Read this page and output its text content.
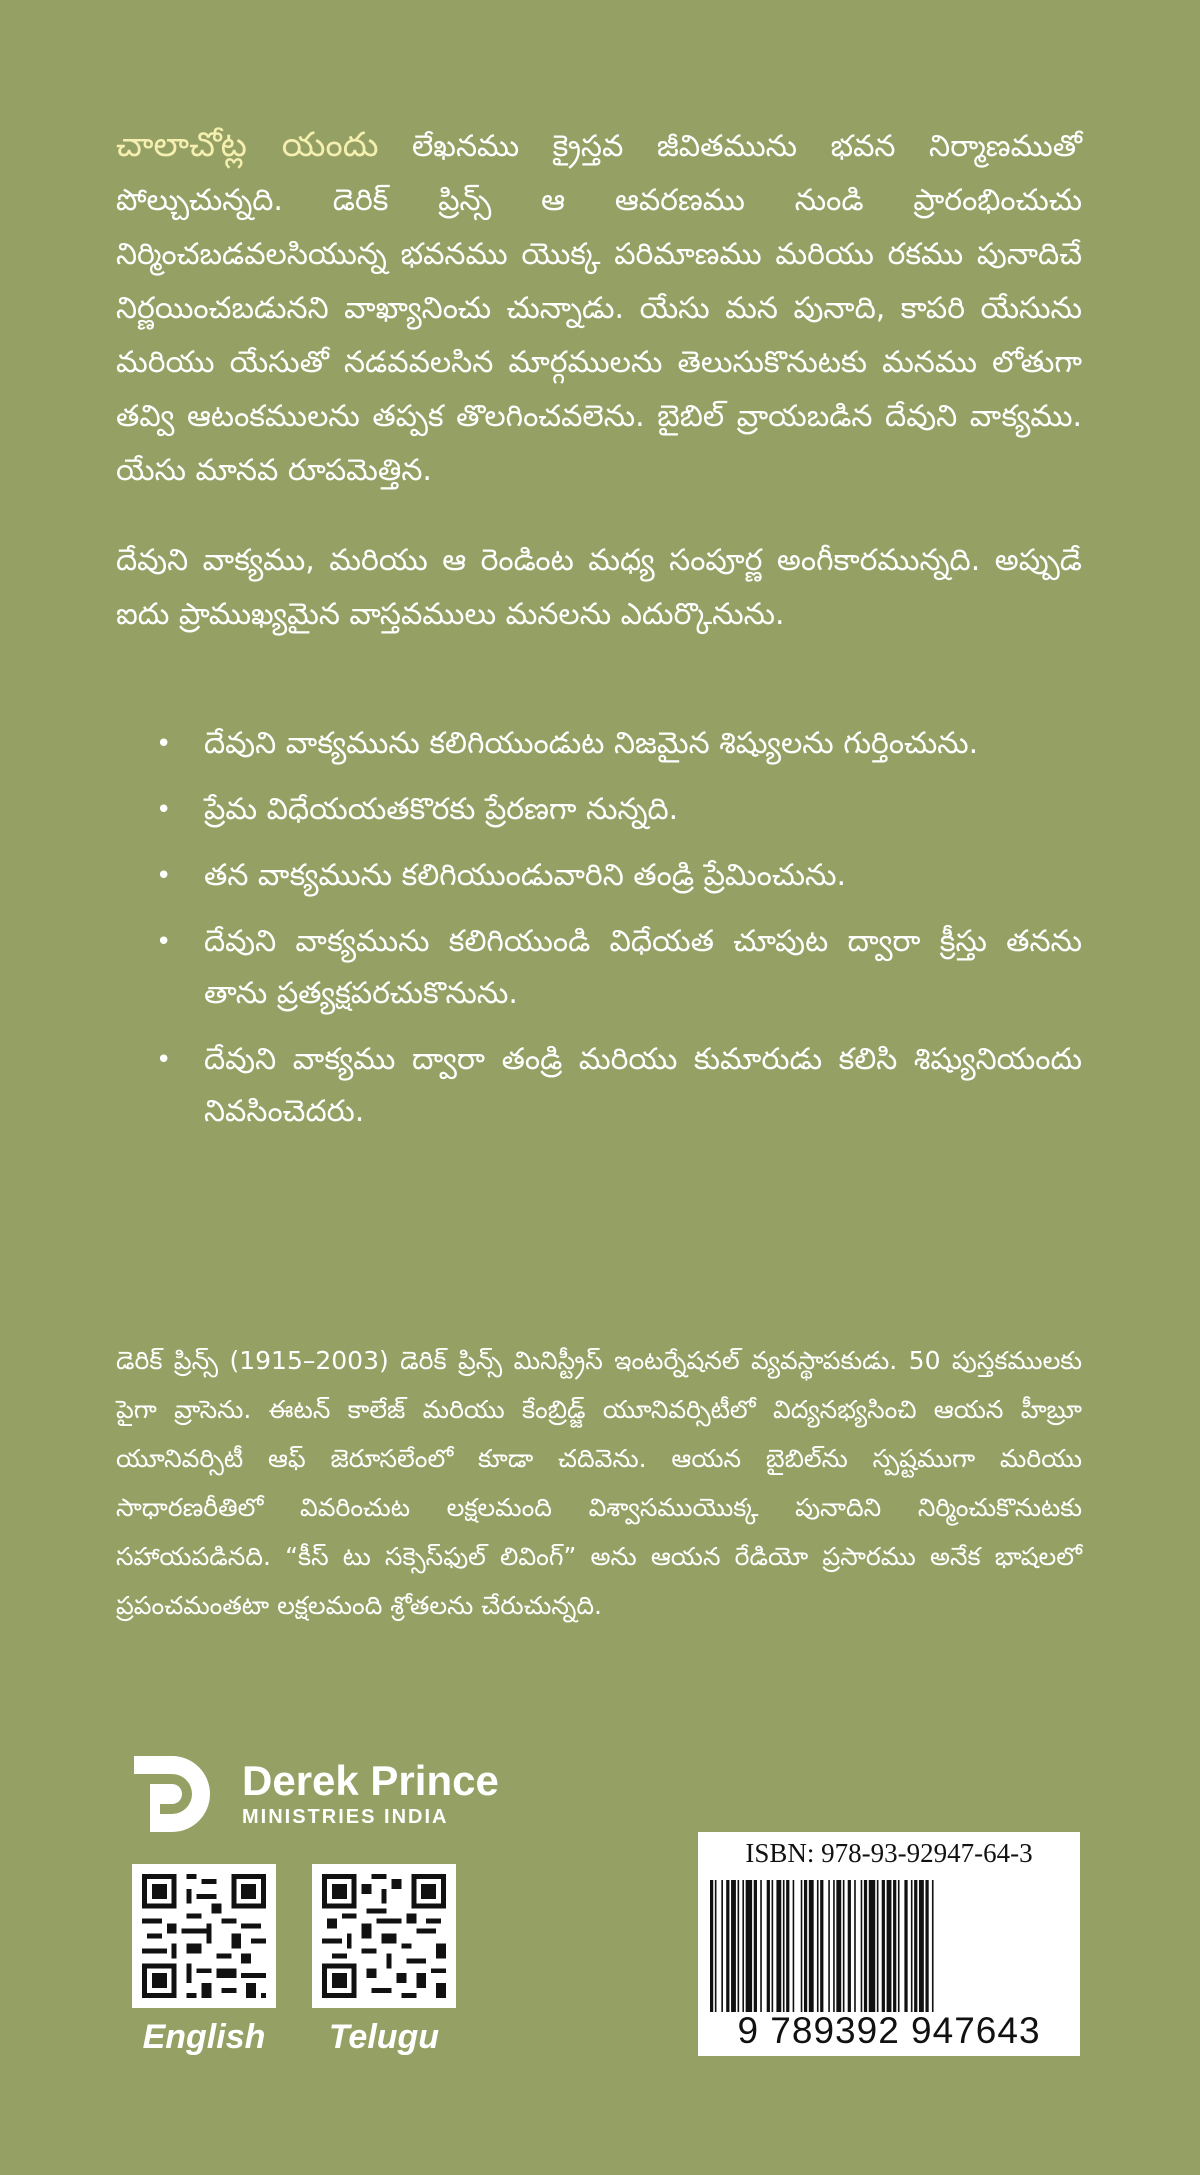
చాలాచోట్ల యందు లేఖనము క్రైస్తవ జీవితమును భవన నిర్మాణముతో పోల్చుచున్నది. డెరిక్ ప్రిన్స్ ఆ ఆవరణము నుండి ప్రారంభించుచు నిర్మించబడవలసియున్న భవనము యొక్క పరిమాణము మరియు రకము పునాదిచే నిర్ణయించబడునని వాఖ్యానించు చున్నాడు. యేసు మన పునాది, కాపరి యేసును మరియు యేసుతో నడవవలసిన మార్గములను తెలుసుకొనుటకు మనము లోతుగా తవ్వి ఆటంకములను తప్పక తొలగించవలెను. బైబిల్ వ్రాయబడిన దేవుని వాక్యము. యేసు మానవ రూపమెత్తిన.

దేవుని వాక్యము, మరియు ఆ రెండింట మధ్య సంపూర్ణ అంగీకారమున్నది. అప్పుడే ఐదు ప్రాముఖ్యమైన వాస్తవములు మనలను ఎదుర్కొనును.

• దేవుని వాక్యమును కలిగియుండుట నిజమైన శిష్యులను గుర్తించును.
• ప్రేమ విధేయయతకొరకు ప్రేరణగా నున్నది.
• తన వాక్యమును కలిగియుండువారిని తండ్రి ప్రేమించును.
• దేవుని వాక్యమును కలిగియుండి విధేయత చూపుట ద్వారా క్రీస్తు తనను తాను ప్రత్యక్షపరచుకొనును.
• దేవుని వాక్యము ద్వారా తండ్రి మరియు కుమారుడు కలిసి శిష్యునియందు నివసించెదరు.
డెరిక్ ప్రిన్స్ (1915–2003) డెరిక్ ప్రిన్స్ మినిస్ట్రీస్ ఇంటర్నేషనల్ వ్యవస్థాపకుడు. 50 పుస్తకములకు పైగా వ్రాసెను. ఈటన్ కాలేజ్ మరియు కేంబ్రిడ్జ్ యూనివర్సిటీలో విద్యనభ్యసించి ఆయన హీబ్రూ యూనివర్సిటీ ఆఫ్ జెరూసలేంలో కూడా చదివెను. ఆయన బైబిల్‌ను స్పష్టముగా మరియు సాధారణరీతిలో వివరించుట లక్షలమంది విశ్వాసముయొక్క పునాదిని నిర్మించుకొనుటకు సహాయపడినది. “కీస్ టు సక్సెస్‌ఫుల్ లివింగ్” అను ఆయన రేడియో ప్రసారము అనేక భాషలలో ప్రపంచమంతటా లక్షలమంది శ్రోతలను చేరుచున్నది.
Derek Prince
MINISTRIES INDIA
English	Telugu
ISBN: 978-93-92947-64-3
9 789392 947643
